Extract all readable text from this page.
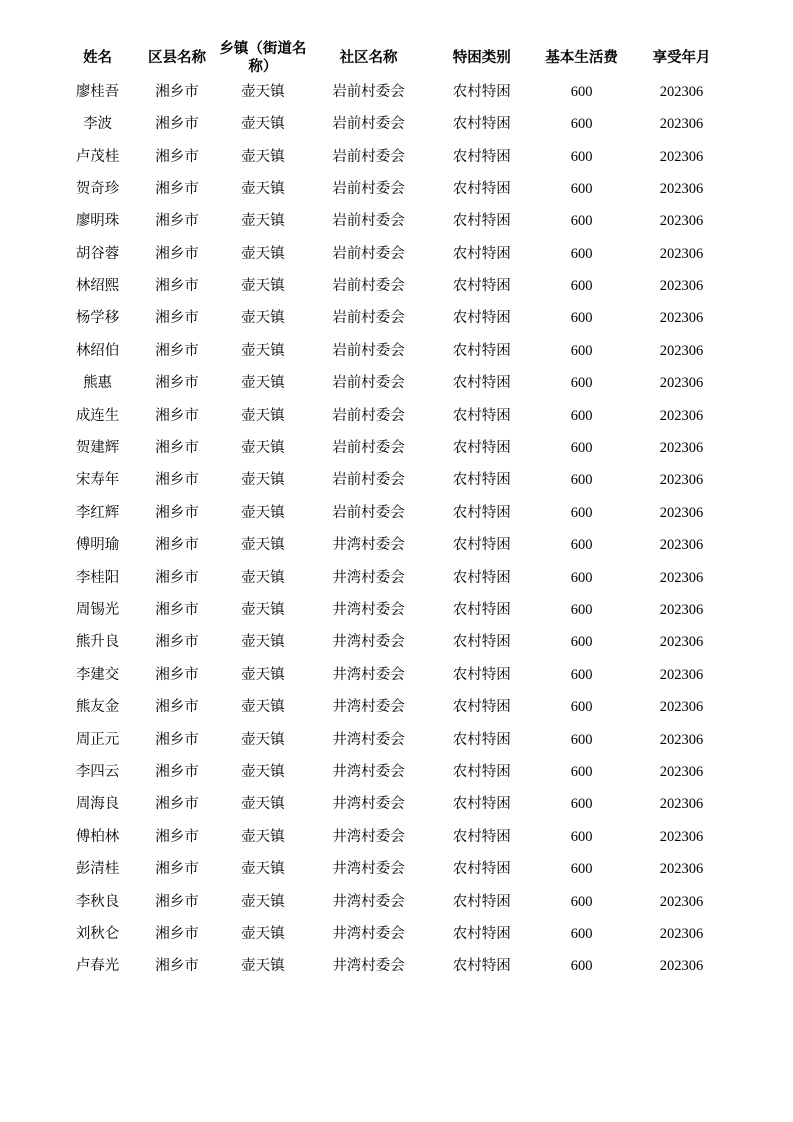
姓名	区县名称	乡镇（街道名称）	社区名称	特困类别	基本生活费	享受年月
廖桂吾	湘乡市	壶天镇	岩前村委会	农村特困	600	202306
李波	湘乡市	壶天镇	岩前村委会	农村特困	600	202306
卢茂桂	湘乡市	壶天镇	岩前村委会	农村特困	600	202306
贺奇珍	湘乡市	壶天镇	岩前村委会	农村特困	600	202306
廖明珠	湘乡市	壶天镇	岩前村委会	农村特困	600	202306
胡谷蓉	湘乡市	壶天镇	岩前村委会	农村特困	600	202306
林绍熙	湘乡市	壶天镇	岩前村委会	农村特困	600	202306
杨学移	湘乡市	壶天镇	岩前村委会	农村特困	600	202306
林绍伯	湘乡市	壶天镇	岩前村委会	农村特困	600	202306
熊惠	湘乡市	壶天镇	岩前村委会	农村特困	600	202306
成连生	湘乡市	壶天镇	岩前村委会	农村特困	600	202306
贺建辉	湘乡市	壶天镇	岩前村委会	农村特困	600	202306
宋寿年	湘乡市	壶天镇	岩前村委会	农村特困	600	202306
李红辉	湘乡市	壶天镇	岩前村委会	农村特困	600	202306
傅明瑜	湘乡市	壶天镇	井湾村委会	农村特困	600	202306
李桂阳	湘乡市	壶天镇	井湾村委会	农村特困	600	202306
周锡光	湘乡市	壶天镇	井湾村委会	农村特困	600	202306
熊升良	湘乡市	壶天镇	井湾村委会	农村特困	600	202306
李建交	湘乡市	壶天镇	井湾村委会	农村特困	600	202306
熊友金	湘乡市	壶天镇	井湾村委会	农村特困	600	202306
周正元	湘乡市	壶天镇	井湾村委会	农村特困	600	202306
李四云	湘乡市	壶天镇	井湾村委会	农村特困	600	202306
周海良	湘乡市	壶天镇	井湾村委会	农村特困	600	202306
傅柏林	湘乡市	壶天镇	井湾村委会	农村特困	600	202306
彭清桂	湘乡市	壶天镇	井湾村委会	农村特困	600	202306
李秋良	湘乡市	壶天镇	井湾村委会	农村特困	600	202306
刘秋仑	湘乡市	壶天镇	井湾村委会	农村特困	600	202306
卢春光	湘乡市	壶天镇	井湾村委会	农村特困	600	202306
